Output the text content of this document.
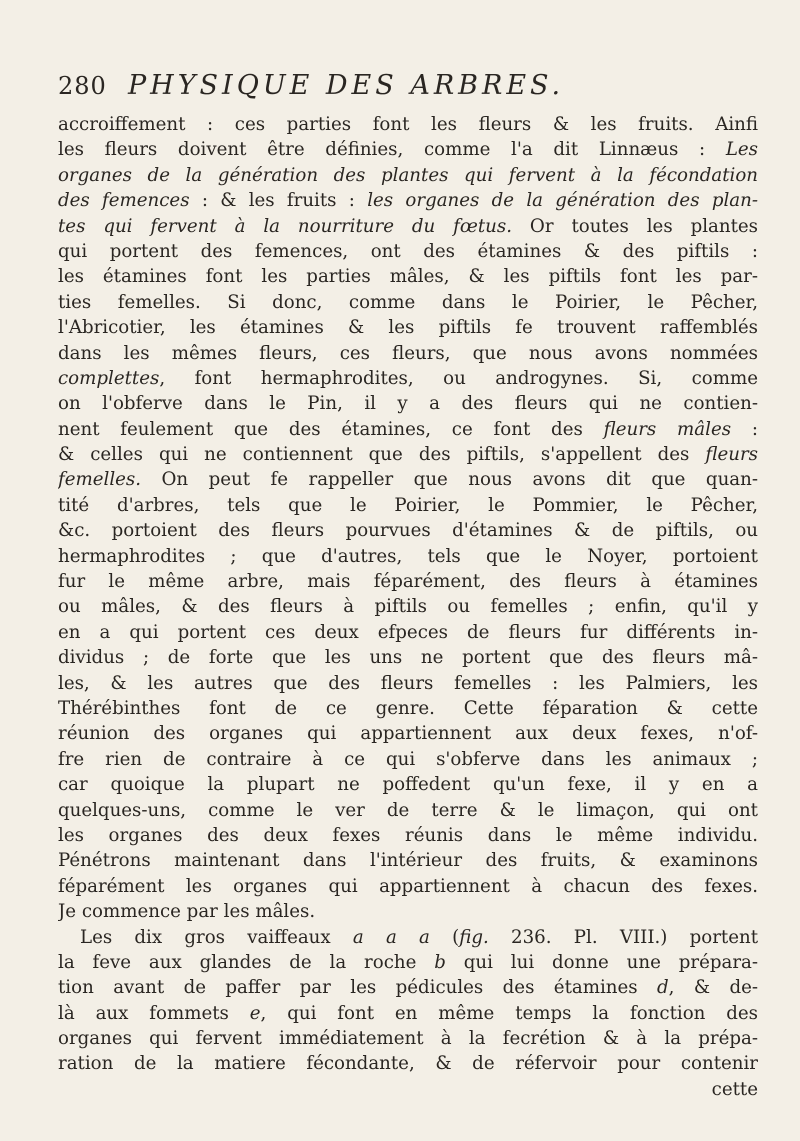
280 PHYSIQUE DES ARBRES.
accroiffement : ces parties font les fleurs & les fruits. Ainfi
les fleurs doivent être définies, comme l'a dit Linnæus : Les
organes de la génération des plantes qui fervent à la fécondation
des femences : & les fruits : les organes de la génération des plan-
tes qui fervent à la nourriture du fœtus. Or toutes les plantes
qui portent des femences, ont des étamines & des piftils :
les étamines font les parties mâles, & les piftils font les par-
ties femelles. Si donc, comme dans le Poirier, le Pêcher,
l'Abricotier, les étamines & les piftils fe trouvent raffemblés
dans les mêmes fleurs, ces fleurs, que nous avons nommées
complettes, font hermaphrodites, ou androgynes. Si, comme
on l'obferve dans le Pin, il y a des fleurs qui ne contien-
nent feulement que des étamines, ce font des fleurs mâles :
& celles qui ne contiennent que des piftils, s'appellent des fleurs
femelles. On peut fe rappeller que nous avons dit que quan-
tité d'arbres, tels que le Poirier, le Pommier, le Pêcher,
&c. portoient des fleurs pourvues d'étamines & de piftils, ou
hermaphrodites ; que d'autres, tels que le Noyer, portoient
fur le même arbre, mais féparément, des fleurs à étamines
ou mâles, & des fleurs à piftils ou femelles ; enfin, qu'il y
en a qui portent ces deux efpeces de fleurs fur différents in-
dividus ; de forte que les uns ne portent que des fleurs mâ-
les, & les autres que des fleurs femelles : les Palmiers, les
Thérébinthes font de ce genre. Cette féparation & cette
réunion des organes qui appartiennent aux deux fexes, n'of-
fre rien de contraire à ce qui s'obferve dans les animaux ;
car quoique la plupart ne poffedent qu'un fexe, il y en a
quelques-uns, comme le ver de terre & le limaçon, qui ont
les organes des deux fexes réunis dans le même individu.
Pénétrons maintenant dans l'intérieur des fruits, & examinons
féparément les organes qui appartiennent à chacun des fexes.
Je commence par les mâles.
Les dix gros vaiffeaux a a a (fig. 236. Pl. VIII.) portent
la feve aux glandes de la roche b qui lui donne une prépara-
tion avant de paffer par les pédicules des étamines d, & de-
là aux fommets e, qui font en même temps la fonction des
organes qui fervent immédiatement à la fecrétion & à la prépa-
ration de la matiere fécondante, & de réfervoir pour contenir
cette
